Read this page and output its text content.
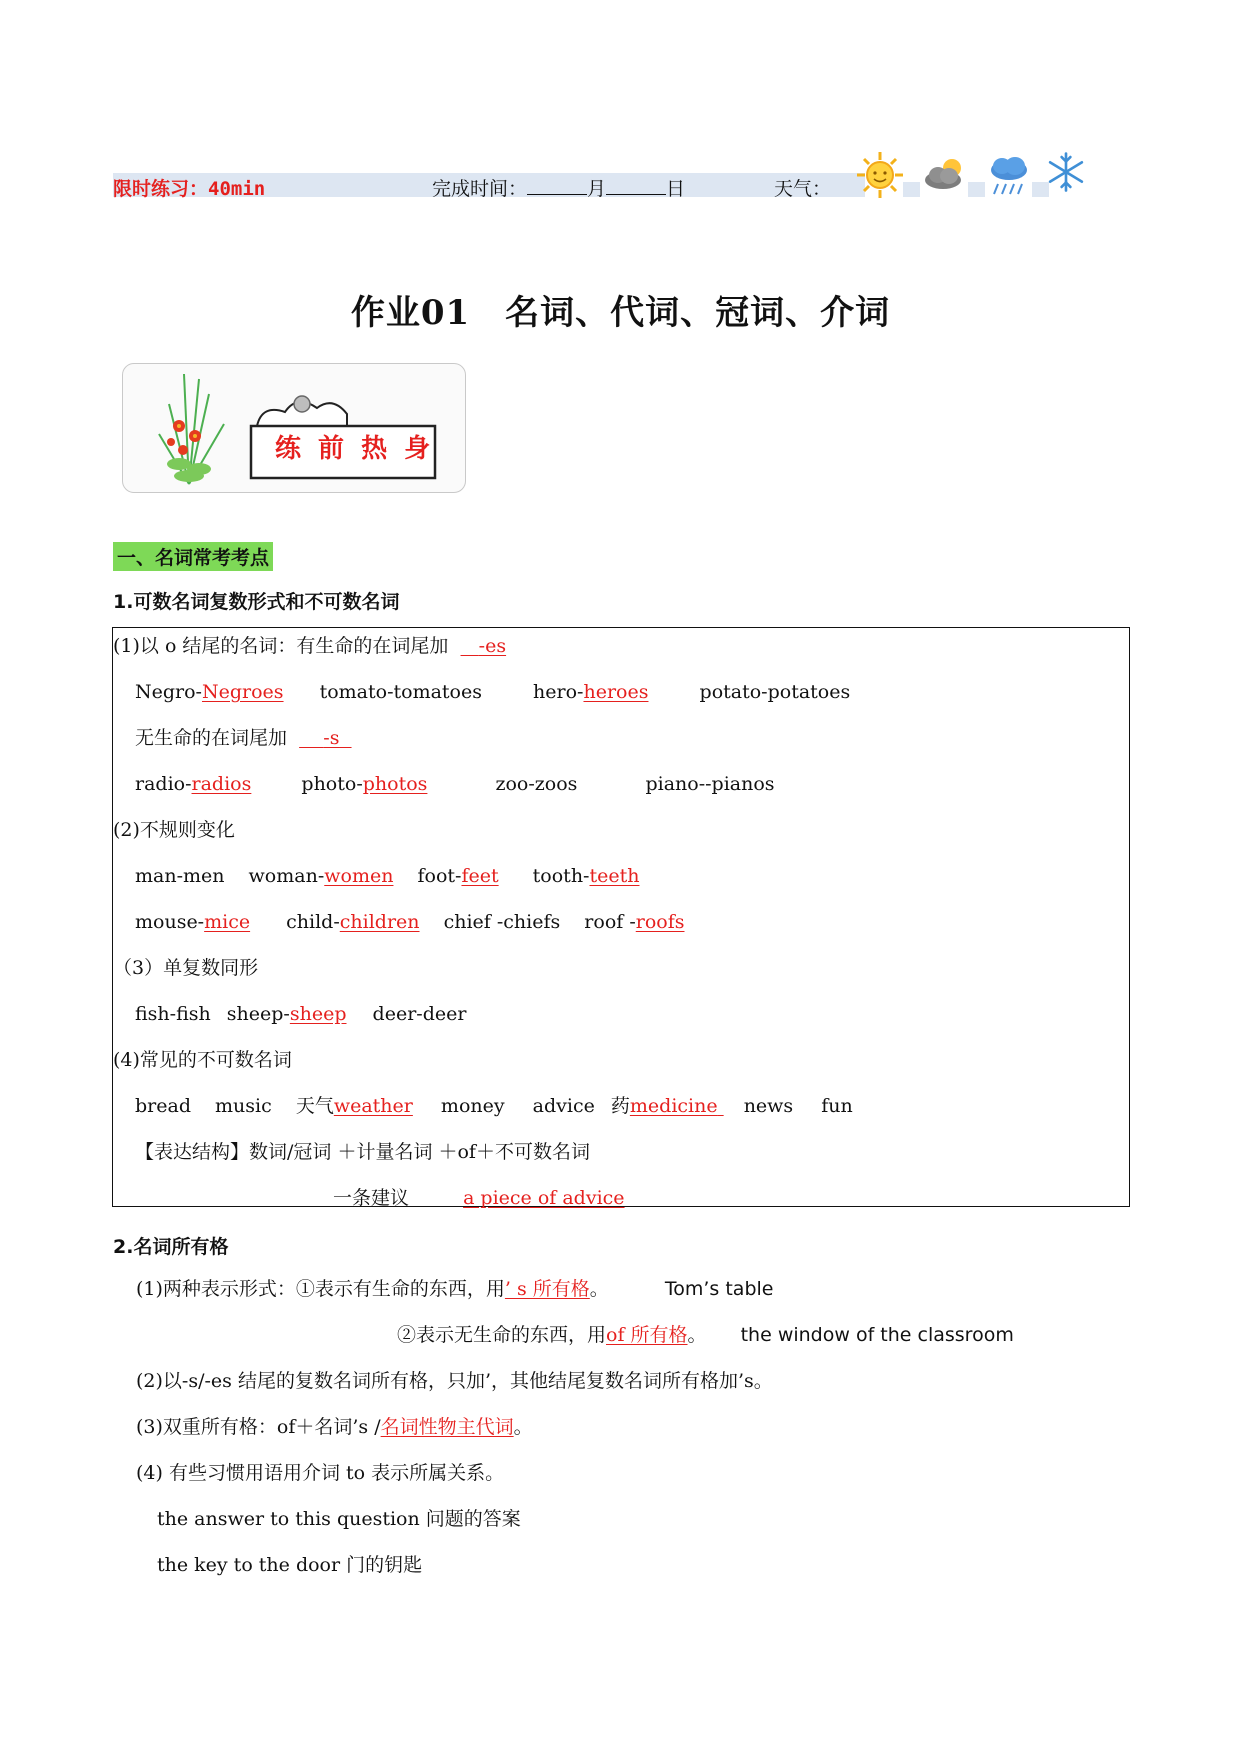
限时练习：40min	完成时间：	月	日	天气：
作业01　名词、代词、冠词、介词
练 前 热 身
一、名词常考考点
1.可数名词复数形式和不可数名词
(1)以 o 结尾的名词：有生命的在词尾加 -es
Negro-Negroes tomato-tomatoes	hero-heroes	potato-potatoes
无生命的在词尾加 -s
radio-radios	photo-photos	zoo-zoos	piano--pianos
(2)不规则变化
man-men woman-women foot-feet tooth-teeth
mouse-mice child-children chief -chiefs roof -roofs
（3）单复数同形
fish-fish sheep-sheep deer-deer
(4)常见的不可数名词
bread music 天气weather money advice 药medicine news fun
【表达结构】数词/冠词 ＋计量名词 ＋of＋不可数名词
一条建议	a piece of advice
2.名词所有格
(1)两种表示形式：①表示有生命的东西，用’ s 所有格。	Tom’s table
②表示无生命的东西，用of 所有格。 the window of the classroom
(2)以-s/-es 结尾的复数名词所有格，只加’，其他结尾复数名词所有格加’s。
(3)双重所有格：of＋名词’s /名词性物主代词。
(4) 有些习惯用语用介词 to 表示所属关系。
the answer to this question 问题的答案
the key to the door 门的钥匙
